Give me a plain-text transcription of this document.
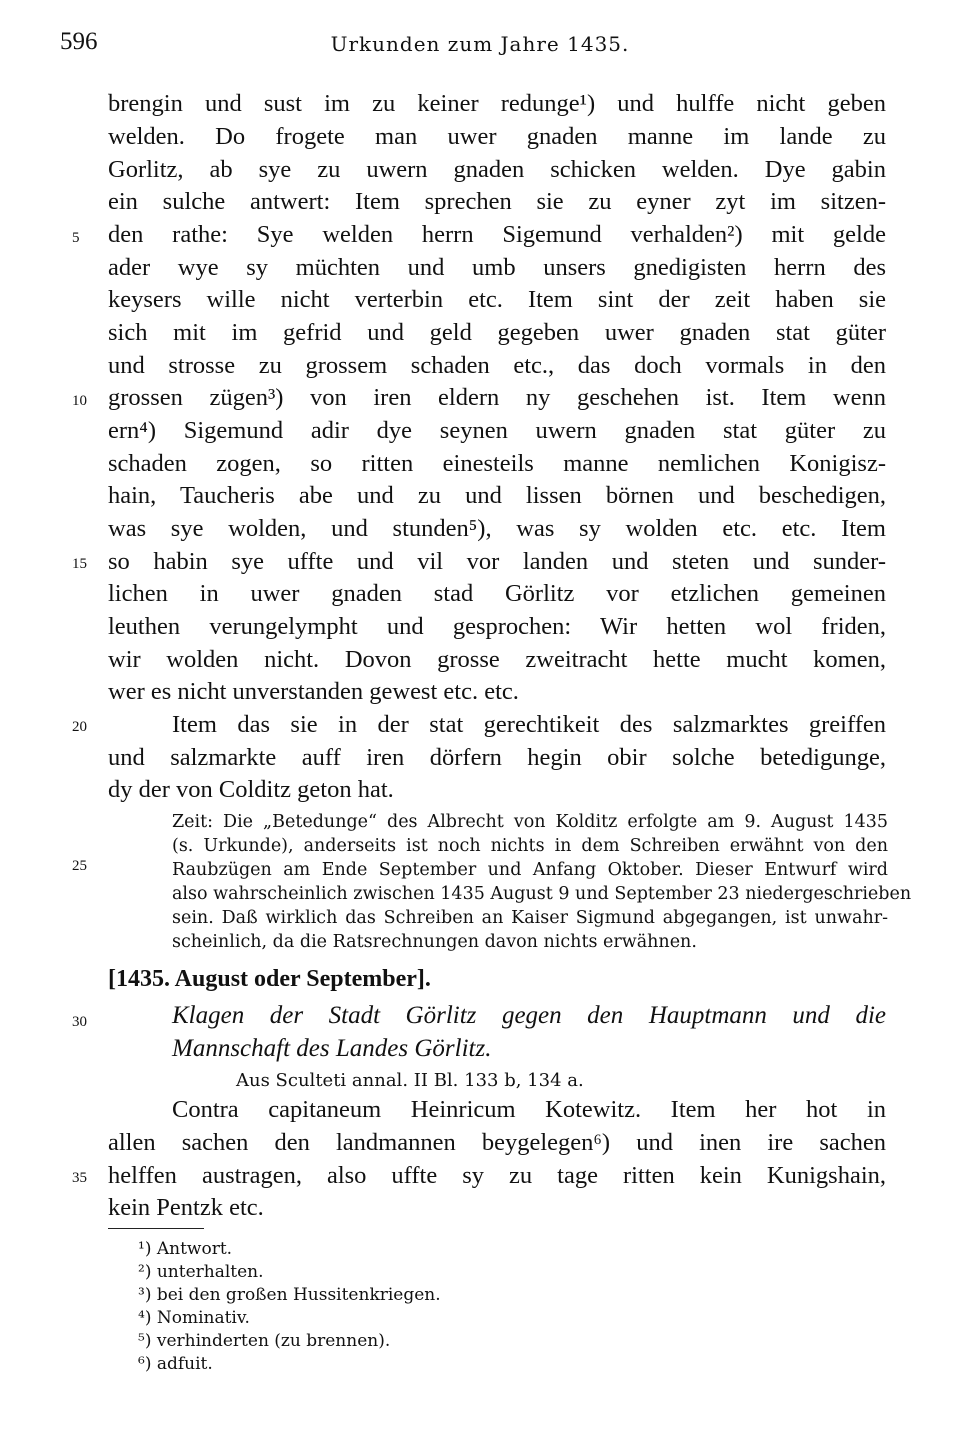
596	Urkunden zum Jahre 1435.
brengin und sust im zu keiner redunge¹) und hulffe nicht geben
welden. Do frogete man uwer gnaden manne im lande zu
Gorlitz, ab sye zu uwern gnaden schicken welden. Dye gabin
ein sulche antwert: Item sprechen sie zu eyner zyt im sitzen-
den rathe: Sye welden herrn Sigemund verhalden²) mit gelde
ader wye sy müchten und umb unsers gnedigisten herrn des
keysers wille nicht verterbin etc. Item sint der zeit haben sie
sich mit im gefrid und geld gegeben uwer gnaden stat güter
und strosse zu grossem schaden etc., das doch vormals in den
grossen zügen³) von iren eldern ny geschehen ist. Item wenn
ern⁴) Sigemund adir dye seynen uwern gnaden stat güter zu
schaden zogen, so ritten einesteils manne nemlichen Konigisz-
hain, Taucheris abe und zu und lissen börnen und beschedigen,
was sye wolden, und stunden⁵), was sy wolden etc. etc. Item
so habin sye uffte und vil vor landen und steten und sunder-
lichen in uwer gnaden stad Görlitz vor etzlichen gemeinen
leuthen verungelympht und gesprochen: Wir hetten wol friden,
wir wolden nicht. Dovon grosse zweitracht hette mucht komen,
wer es nicht unverstanden gewest etc. etc.
Item das sie in der stat gerechtikeit des salzmarktes greiffen
und salzmarkte auff iren dörfern hegin obir solche betedigunge,
dy der von Colditz geton hat.
5
10
15
20
25
30
35
Zeit: Die „Betedunge“ des Albrecht von Kolditz erfolgte am 9. August 1435
(s. Urkunde), anderseits ist noch nichts in dem Schreiben erwähnt von den
Raubzügen am Ende September und Anfang Oktober. Dieser Entwurf wird
also wahrscheinlich zwischen 1435 August 9 und September 23 niedergeschrieben
sein. Daß wirklich das Schreiben an Kaiser Sigmund abgegangen, ist unwahr-
scheinlich, da die Ratsrechnungen davon nichts erwähnen.
[1435. August oder September].
Klagen der Stadt Görlitz gegen den Hauptmann und die
Mannschaft des Landes Görlitz.
Aus Sculteti annal. II Bl. 133 b, 134 a.
Contra capitaneum Heinricum Kotewitz. Item her hot in
allen sachen den landmannen beygelegen⁶) und inen ire sachen
helffen austragen, also uffte sy zu tage ritten kein Kunigshain,
kein Pentzk etc.
¹) Antwort.
²) unterhalten.
³) bei den großen Hussitenkriegen.
⁴) Nominativ.
⁵) verhinderten (zu brennen).
⁶) adfuit.
